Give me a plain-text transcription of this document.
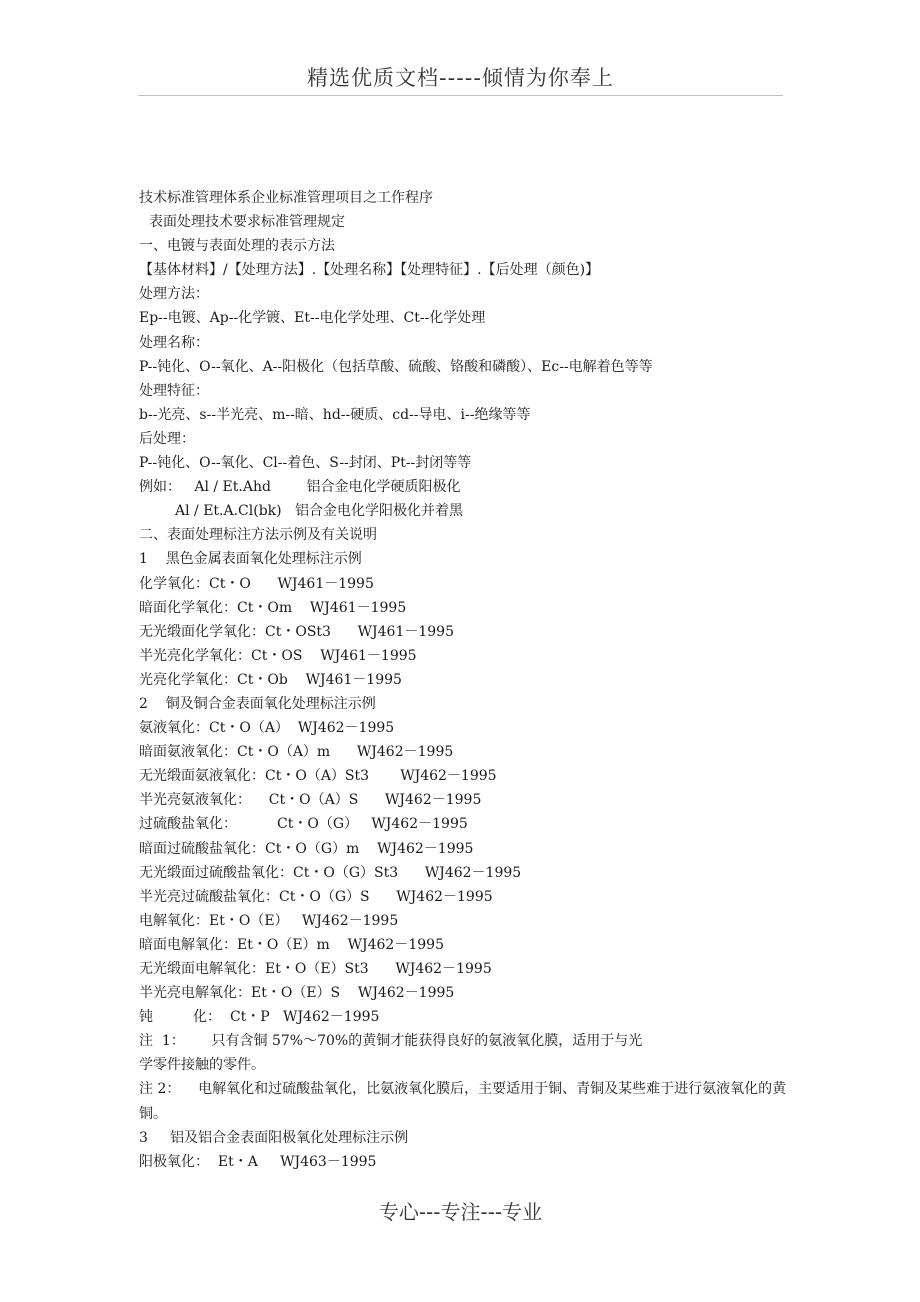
精选优质文档-----倾情为你奉上
技术标准管理体系企业标准管理项目之工作程序
表面处理技术要求标准管理规定
一、电镀与表面处理的表示方法
【基体材料】/【处理方法】.【处理名称】【处理特征】.【后处理（颜色)】
处理方法：
Ep--电镀、Ap--化学镀、Et--电化学处理、Ct--化学处理
处理名称：
P--钝化、O--氧化、A--阳极化（包括草酸、硫酸、铬酸和磷酸）、Ec--电解着色等等
处理特征：
b--光亮、s--半光亮、m--暗、hd--硬质、cd--导电、i--绝缘等等
后处理：
P--钝化、O--氧化、Cl--着色、S--封闭、Pt--封闭等等
例如：   Al / Et.Ahd        铝合金电化学硬质阳极化
Al / Et.A.Cl(bk)   铝合金电化学阳极化并着黑
二、表面处理标注方法示例及有关说明
1    黑色金属表面氧化处理标注示例
化学氧化：Ct・O      WJ461－1995
暗面化学氧化：Ct・Om    WJ461－1995
无光缎面化学氧化：Ct・OSt3      WJ461－1995
半光亮化学氧化：Ct・OS    WJ461－1995
光亮化学氧化：Ct・Ob    WJ461－1995
2    铜及铜合金表面氧化处理标注示例
氨液氧化：Ct・O（A）  WJ462－1995
暗面氨液氧化：Ct・O（A）m      WJ462－1995
无光缎面氨液氧化：Ct・O（A）St3       WJ462－1995
半光亮氨液氧化：    Ct・O（A）S      WJ462－1995
过硫酸盐氧化：         Ct・O（G）   WJ462－1995
暗面过硫酸盐氧化：Ct・O（G）m    WJ462－1995
无光缎面过硫酸盐氧化：Ct・O（G）St3      WJ462－1995
半光亮过硫酸盐氧化：Ct・O（G）S      WJ462－1995
电解氧化：Et・O（E）   WJ462－1995
暗面电解氧化：Et・O（E）m    WJ462－1995
无光缎面电解氧化：Et・O（E）St3      WJ462－1995
半光亮电解氧化：Et・O（E）S    WJ462－1995
钝         化：  Ct・P   WJ462－1995
注  1：      只有含铜 57%～70%的黄铜才能获得良好的氨液氧化膜，适用于与光
学零件接触的零件。
注 2：    电解氧化和过硫酸盐氧化，比氨液氧化膜后，主要适用于铜、青铜及某些难于进行氨液氧化的黄铜。
3     铝及铝合金表面阳极氧化处理标注示例
阳极氧化：  Et・A     WJ463－1995
专心---专注---专业
